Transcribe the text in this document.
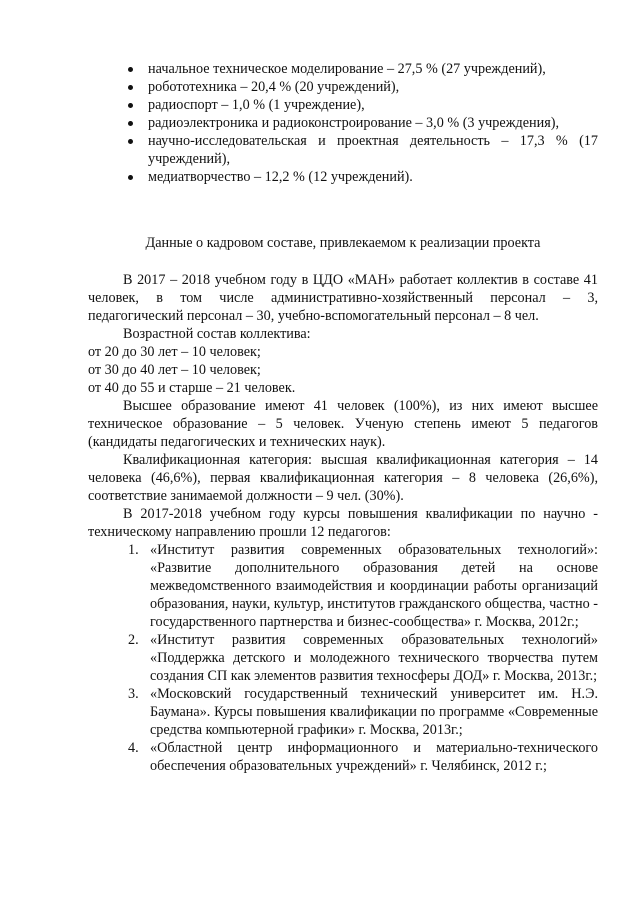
начальное техническое моделирование – 27,5 % (27 учреждений),
робототехника – 20,4 % (20 учреждений),
радиоспорт – 1,0 % (1 учреждение),
радиоэлектроника и радиоконстроирование – 3,0 % (3 учреждения),
научно-исследовательская и проектная деятельность – 17,3 % (17 учреждений),
медиатворчество – 12,2 % (12 учреждений).
Данные о кадровом составе, привлекаемом к реализации проекта

В 2017 – 2018 учебном году в ЦДО «МАН» работает коллектив в составе 41 человек, в том числе административно-хозяйственный персонал – 3, педагогический персонал – 30, учебно-вспомогательный персонал – 8 чел.

Возрастной состав коллектива:

от 20 до 30 лет – 10 человек;

от 30 до 40 лет – 10 человек;

от 40 до 55 и старше – 21 человек.

Высшее образование имеют 41 человек (100%), из них имеют высшее техническое образование – 5 человек. Ученую степень имеют 5 педагогов (кандидаты педагогических и технических наук).

Квалификационная категория: высшая квалификационная категория – 14 человека (46,6%), первая квалификационная категория – 8 человека (26,6%), соответствие занимаемой должности – 9 чел. (30%).

В 2017-2018 учебном году курсы повышения квалификации по научно - техническому направлению прошли 12 педагогов:

1. «Институт развития современных образовательных технологий»: «Развитие дополнительного образования детей на основе межведомственного взаимодействия и координации работы организаций образования, науки, культур, институтов гражданского общества, частно - государственного партнерства и бизнес-сообщества» г. Москва, 2012г.;
2. «Институт развития современных образовательных технологий» «Поддержка детского и молодежного технического творчества путем создания СП как элементов развития техносферы ДОД» г. Москва, 2013г.;
3. «Московский государственный технический университет им. Н.Э. Баумана». Курсы повышения квалификации по программе «Современные средства компьютерной графики» г. Москва, 2013г.;
4. «Областной центр информационного и материально-технического обеспечения образовательных учреждений» г. Челябинск, 2012 г.;
